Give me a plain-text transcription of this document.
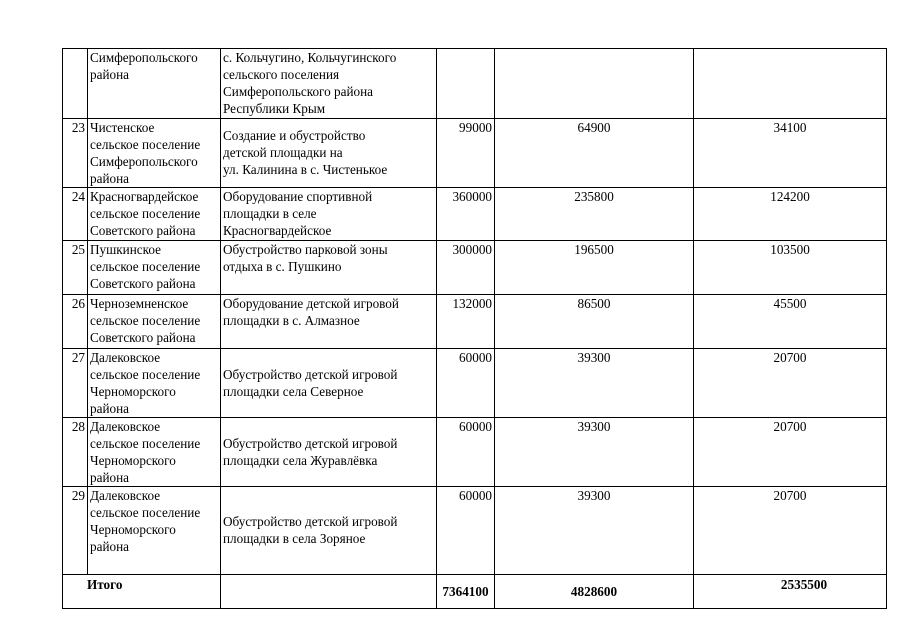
	Симферопольского
района	с. Кольчугино, Кольчугинского
сельского поселения
Симферопольского района
Республики Крым			

23	Чистенское
сельское поселение
Симферопольского
района	Создание и обустройство
детской площадки на
ул. Калинина в с. Чистенькое	99000	64900	34100
24	Красногвардейское
сельское поселение
Советского района	Оборудование спортивной
площадки в селе
Красногвардейское	360000	235800	124200
25	Пушкинское
сельское поселение
Советского района	Обустройство парковой зоны
отдыха в с. Пушкино	300000	196500	103500
26	Черноземненское
сельское поселение
Советского района	Оборудование детской игровой
площадки в с. Алмазное	132000	86500	45500
27	Далековское
сельское поселение
Черноморского
района	Обустройство детской игровой
площадки села Северное	60000	39300	20700
28	Далековское
сельское поселение
Черноморского
района	Обустройство детской игровой
площадки села Журавлёвка	60000	39300	20700
29	Далековское
сельское поселение
Черноморского
района	Обустройство детской игровой
площадки в села Зоряное	60000	39300	20700
Итого			7364100	4828600	2535500
